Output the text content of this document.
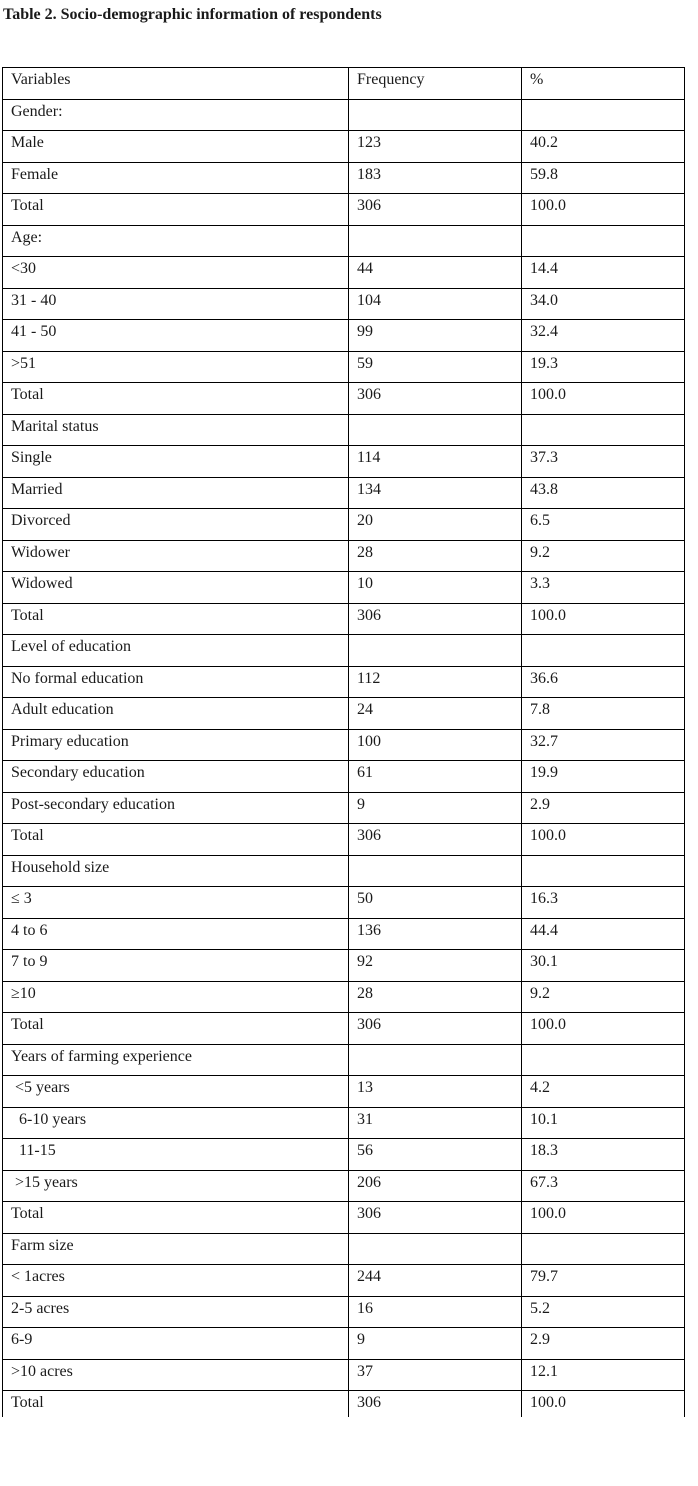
Table 2. Socio-demographic information of respondents

Variables	Frequency	%
Gender:		
Male	123	40.2
Female	183	59.8
Total	306	100.0
Age:		
<30	44	14.4
31 - 40	104	34.0
41 - 50	99	32.4
>51	59	19.3
Total	306	100.0
Marital status		
Single	114	37.3
Married	134	43.8
Divorced	20	6.5
Widower	28	9.2
Widowed	10	3.3
Total	306	100.0
Level of education		
No formal education	112	36.6
Adult education	24	7.8
Primary education	100	32.7
Secondary education	61	19.9
Post-secondary education	9	2.9
Total	306	100.0
Household size		
≤ 3	50	16.3
4 to 6	136	44.4
7 to 9	92	30.1
≥10	28	9.2
Total	306	100.0
Years of farming experience		
<5 years	13	4.2
6-10 years	31	10.1
11-15	56	18.3
>15 years	206	67.3
Total	306	100.0
Farm size		
< 1acres	244	79.7
2-5 acres	16	5.2
6-9	9	2.9
>10 acres	37	12.1
Total	306	100.0
